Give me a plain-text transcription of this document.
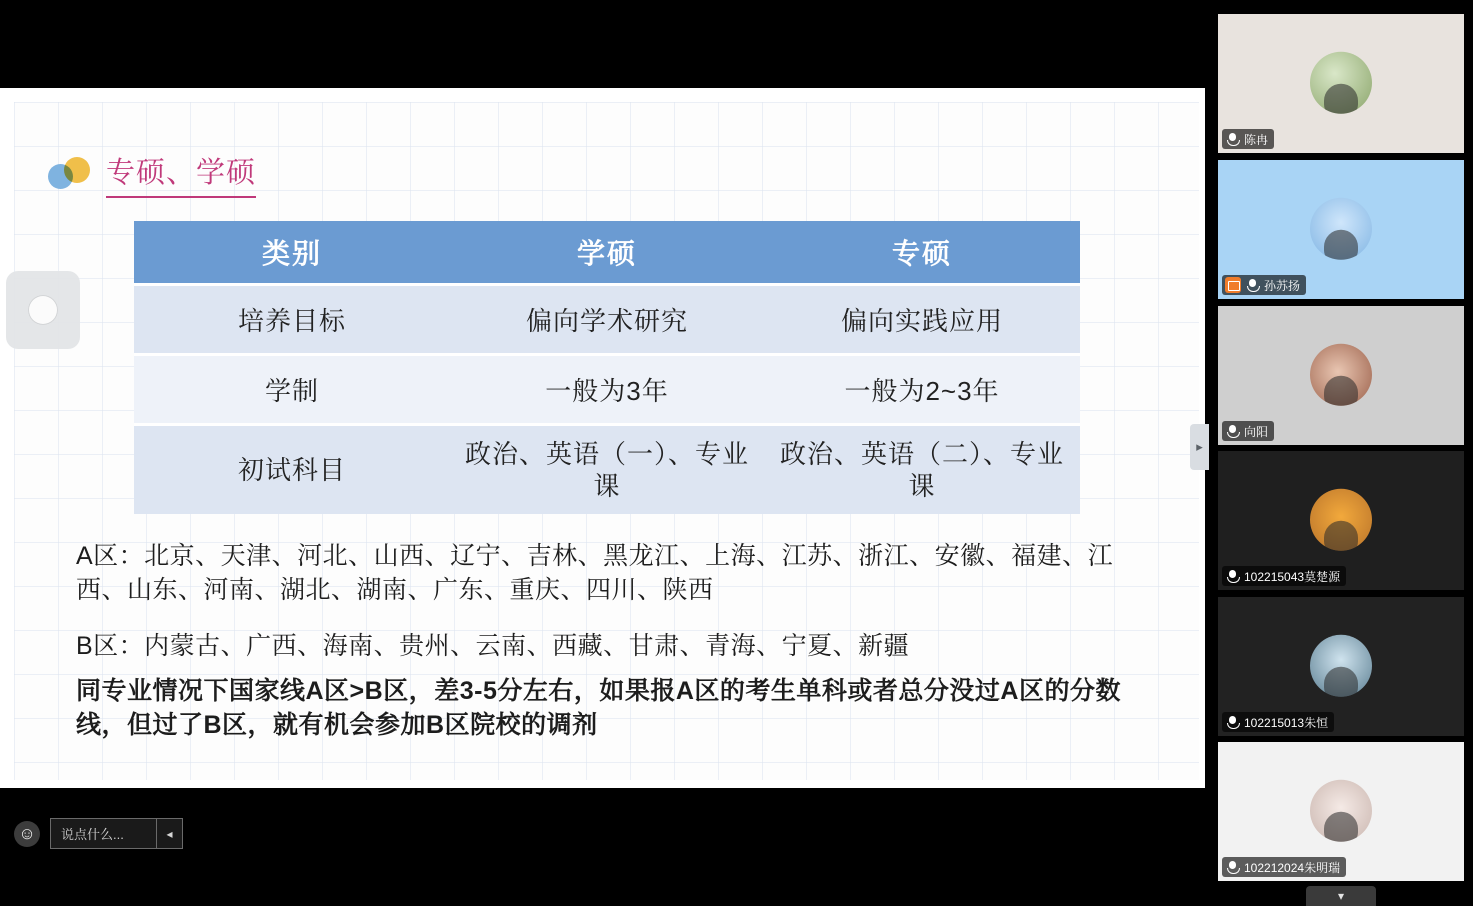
专硕、学硕
类别	学硕	专硕
培养目标	偏向学术研究	偏向实践应用
学制	一般为3年	一般为2~3年
初试科目	政治、英语（一）、专业课	政治、英语（二）、专业课
A区：北京、天津、河北、山西、辽宁、吉林、黑龙江、上海、江苏、浙江、安徽、福建、江西、山东、河南、湖北、湖南、广东、重庆、四川、陕西
B区：内蒙古、广西、海南、贵州、云南、西藏、甘肃、青海、宁夏、新疆
同专业情况下国家线A区>B区，差3-5分左右，如果报A区的考生单科或者总分没过A区的分数线，但过了B区，就有机会参加B区院校的调剂
▸
☺	说点什么...	◂
陈冉
孙苏扬
向阳
102215043莫楚源
102215013朱恒
102212024朱明瑞
▾
